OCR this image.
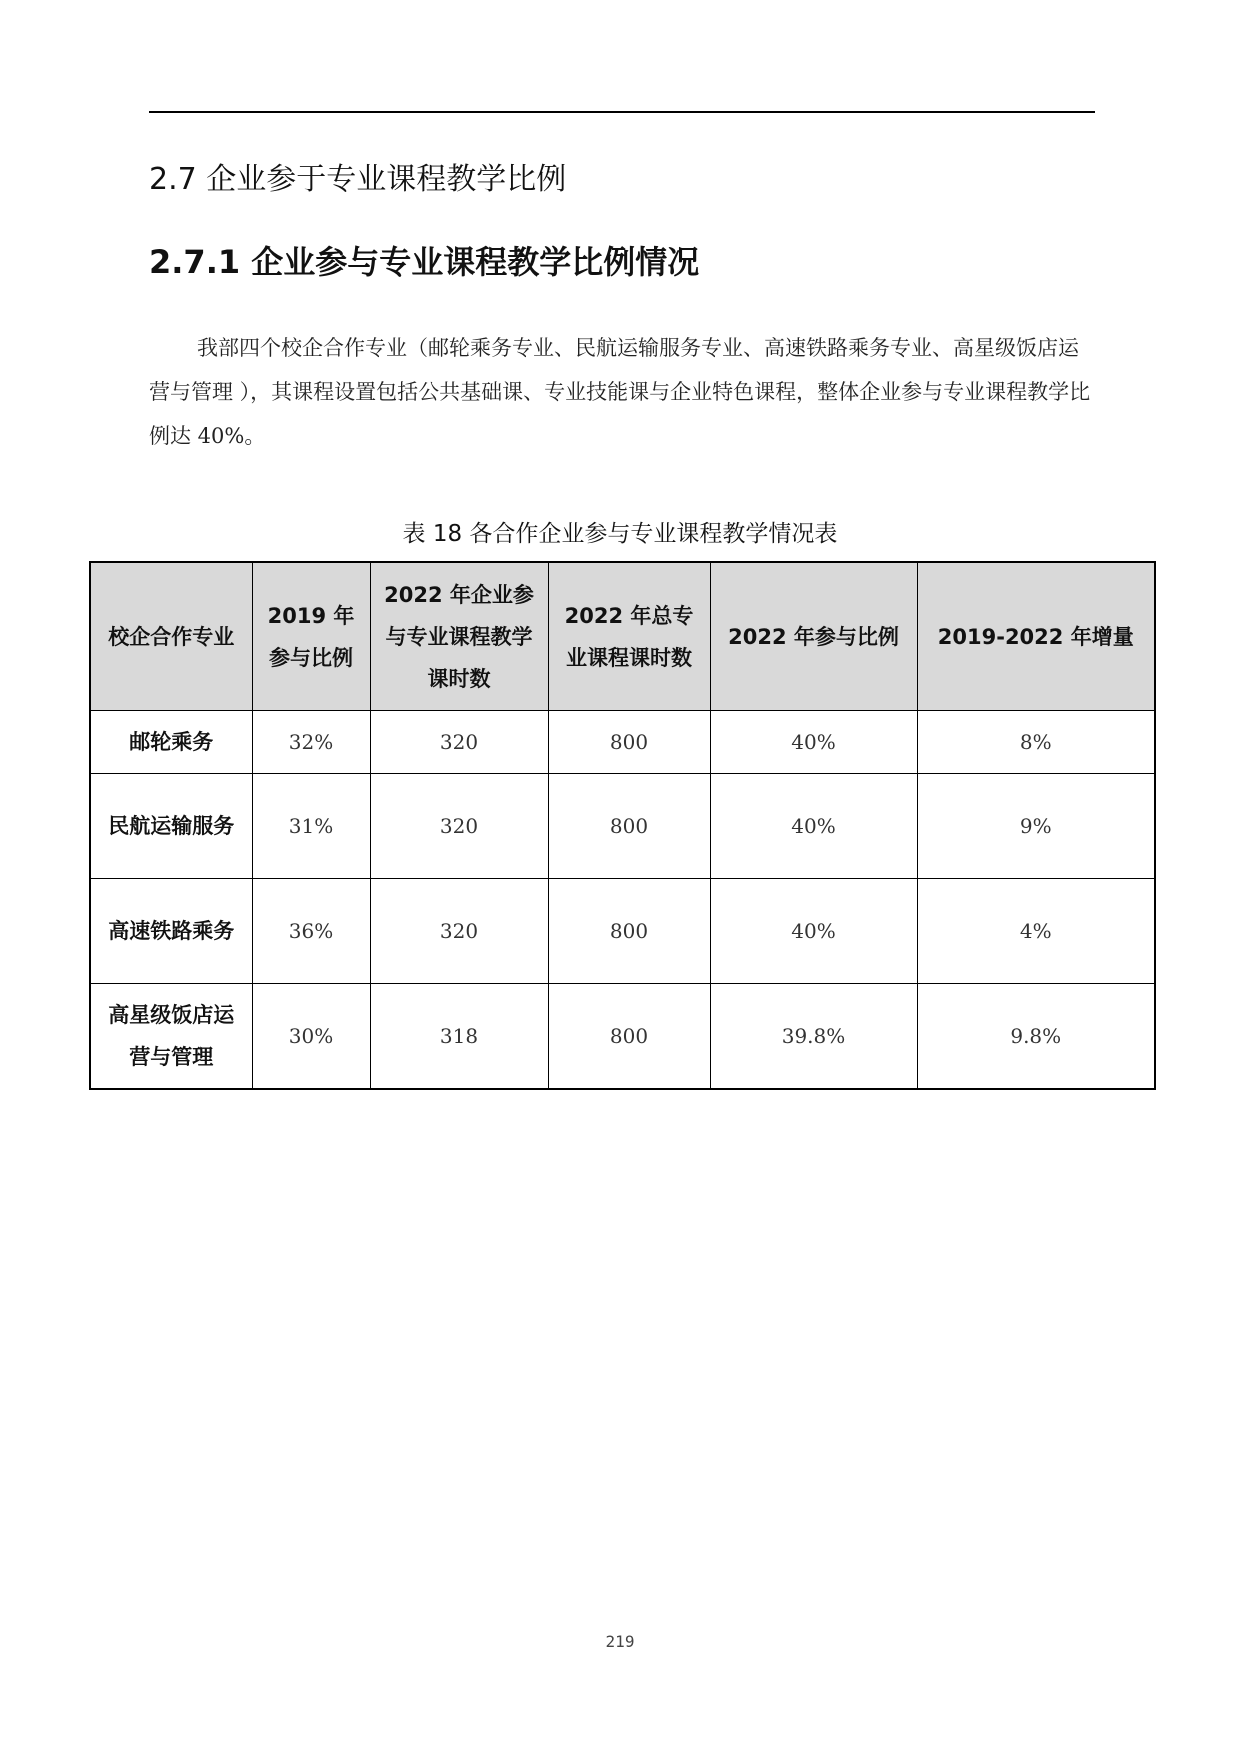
2.7 企业参于专业课程教学比例
2.7.1 企业参与专业课程教学比例情况

我部四个校企合作专业（邮轮乘务专业、民航运输服务专业、高速铁路乘务专业、高星级饭店运营与管理 ），其课程设置包括公共基础课、专业技能课与企业特色课程，整体企业参与专业课程教学比例达 40%。

表 18 各合作企业参与专业课程教学情况表
校企合作专业	2019 年参与比例	2022 年企业参与专业课程教学课时数	2022 年总专业课程课时数	2022 年参与比例	2019-2022 年增量
邮轮乘务	32%	320	800	40%	8%
民航运输服务	31%	320	800	40%	9%
高速铁路乘务	36%	320	800	40%	4%
高星级饭店运营与管理	30%	318	800	39.8%	9.8%
219
